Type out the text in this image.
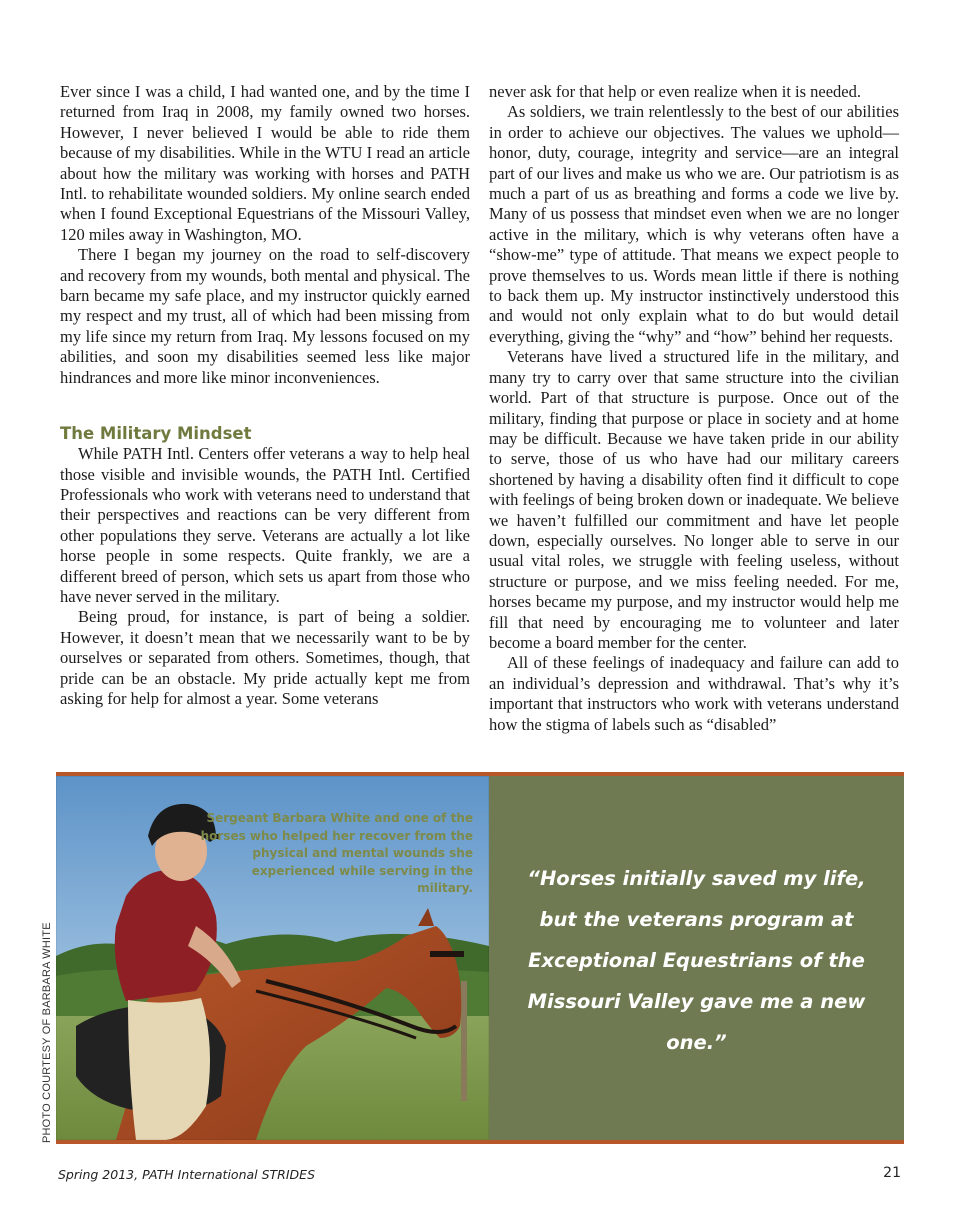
Ever since I was a child, I had wanted one, and by the time I returned from Iraq in 2008, my family owned two horses. However, I never believed I would be able to ride them because of my disabilities. While in the WTU I read an article about how the military was working with horses and PATH Intl. to rehabilitate wounded soldiers. My online search ended when I found Exceptional Equestrians of the Missouri Valley, 120 miles away in Washington, MO.

There I began my journey on the road to self-discovery and recovery from my wounds, both mental and physical. The barn became my safe place, and my instructor quickly earned my respect and my trust, all of which had been missing from my life since my return from Iraq. My lessons focused on my abilities, and soon my disabilities seemed less like major hindrances and more like minor inconveniences.

The Military Mindset

While PATH Intl. Centers offer veterans a way to help heal those visible and invisible wounds, the PATH Intl. Certified Professionals who work with veterans need to understand that their perspectives and reactions can be very different from other populations they serve. Veterans are actually a lot like horse people in some respects. Quite frankly, we are a different breed of person, which sets us apart from those who have never served in the military.

Being proud, for instance, is part of being a soldier. However, it doesn’t mean that we necessarily want to be by ourselves or separated from others. Sometimes, though, that pride can be an obstacle. My pride actually kept me from asking for help for almost a year. Some veterans

never ask for that help or even realize when it is needed.

As soldiers, we train relentlessly to the best of our abilities in order to achieve our objectives. The values we uphold—honor, duty, courage, integrity and service—are an integral part of our lives and make us who we are. Our patriotism is as much a part of us as breathing and forms a code we live by. Many of us possess that mindset even when we are no longer active in the military, which is why veterans often have a “show-me” type of attitude. That means we expect people to prove themselves to us. Words mean little if there is nothing to back them up. My instructor instinctively understood this and would not only explain what to do but would detail everything, giving the “why” and “how” behind her requests.

Veterans have lived a structured life in the military, and many try to carry over that same structure into the civilian world. Part of that structure is purpose. Once out of the military, finding that purpose or place in society and at home may be difficult. Because we have taken pride in our ability to serve, those of us who have had our military careers shortened by having a disability often find it difficult to cope with feelings of being broken down or inadequate. We believe we haven’t fulfilled our commitment and have let people down, especially ourselves. No longer able to serve in our usual vital roles, we struggle with feeling useless, without structure or purpose, and we miss feeling needed. For me, horses became my purpose, and my instructor would help me fill that need by encouraging me to volunteer and later become a board member for the center.

All of these feelings of inadequacy and failure can add to an individual’s depression and withdrawal. That’s why it’s important that instructors who work with veterans understand how the stigma of labels such as “disabled”

Sergeant Barbara White and one of the horses who helped her recover from the physical and mental wounds she experienced while serving in the military.	“Horses initially saved my life, but the veterans program at Exceptional Equestrians of the Missouri Valley gave me a new one.”
PHOTO COURTESY OF BARBARA WHITE
Spring 2013, PATH International STRIDES	21
